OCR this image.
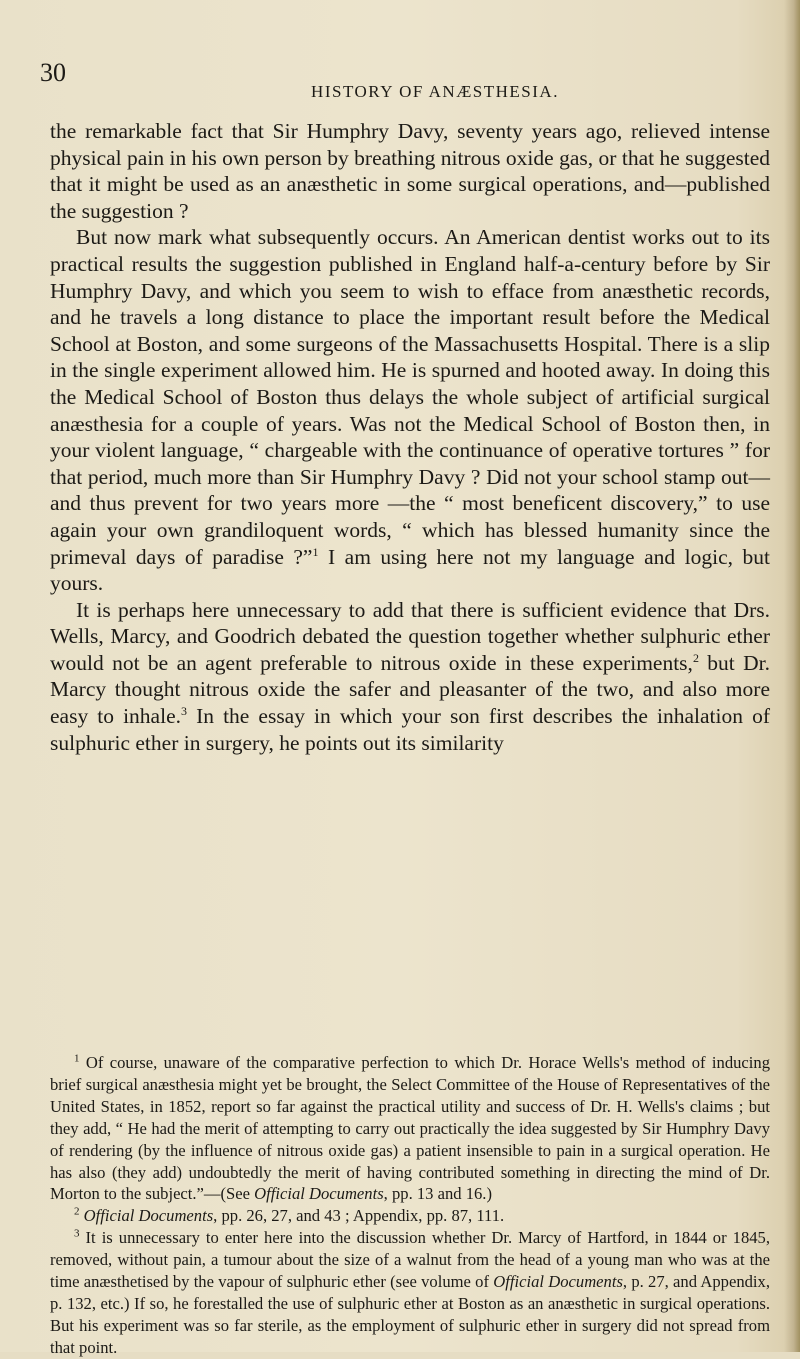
30
HISTORY OF ANÆSTHESIA.

the remarkable fact that Sir Humphry Davy, seventy years ago, relieved intense physical pain in his own person by breathing nitrous oxide gas, or that he suggested that it might be used as an anæsthetic in some surgical operations, and—published the suggestion ?

But now mark what subsequently occurs. An American dentist works out to its practical results the suggestion published in England half-a-century before by Sir Humphry Davy, and which you seem to wish to efface from anæsthetic records, and he travels a long distance to place the important result before the Medical School at Boston, and some surgeons of the Massachusetts Hospital. There is a slip in the single experiment allowed him. He is spurned and hooted away. In doing this the Medical School of Boston thus delays the whole subject of artificial surgical anæsthesia for a couple of years. Was not the Medical School of Boston then, in your violent language, “ chargeable with the continuance of operative tortures ” for that period, much more than Sir Humphry Davy ? Did not your school stamp out—and thus prevent for two years more —the “ most beneficent discovery,” to use again your own grandiloquent words, “ which has blessed humanity since the primeval days of paradise ?”$^1$ I am using here not my language and logic, but yours.

It is perhaps here unnecessary to add that there is sufficient evidence that Drs. Wells, Marcy, and Goodrich debated the question together whether sulphuric ether would not be an agent preferable to nitrous oxide in these experiments,$^2$ but Dr. Marcy thought nitrous oxide the safer and pleasanter of the two, and also more easy to inhale.$^3$ In the essay in which your son first describes the inhalation of sulphuric ether in surgery, he points out its similarity

$^1$ Of course, unaware of the comparative perfection to which Dr. Horace Wells's method of inducing brief surgical anæsthesia might yet be brought, the Select Committee of the House of Representatives of the United States, in 1852, report so far against the practical utility and success of Dr. H. Wells's claims ; but they add, “ He had the merit of attempting to carry out practically the idea suggested by Sir Humphry Davy of rendering (by the influence of nitrous oxide gas) a patient insensible to pain in a surgical operation. He has also (they add) undoubtedly the merit of having contributed something in directing the mind of Dr. Morton to the subject.”—(See Official Documents, pp. 13 and 16.)

$^2$ Official Documents, pp. 26, 27, and 43 ; Appendix, pp. 87, 111.

$^3$ It is unnecessary to enter here into the discussion whether Dr. Marcy of Hartford, in 1844 or 1845, removed, without pain, a tumour about the size of a walnut from the head of a young man who was at the time anæsthetised by the vapour of sulphuric ether (see volume of Official Documents, p. 27, and Appendix, p. 132, etc.) If so, he forestalled the use of sulphuric ether at Boston as an anæsthetic in surgical operations. But his experiment was so far sterile, as the employment of sulphuric ether in surgery did not spread from that point.
